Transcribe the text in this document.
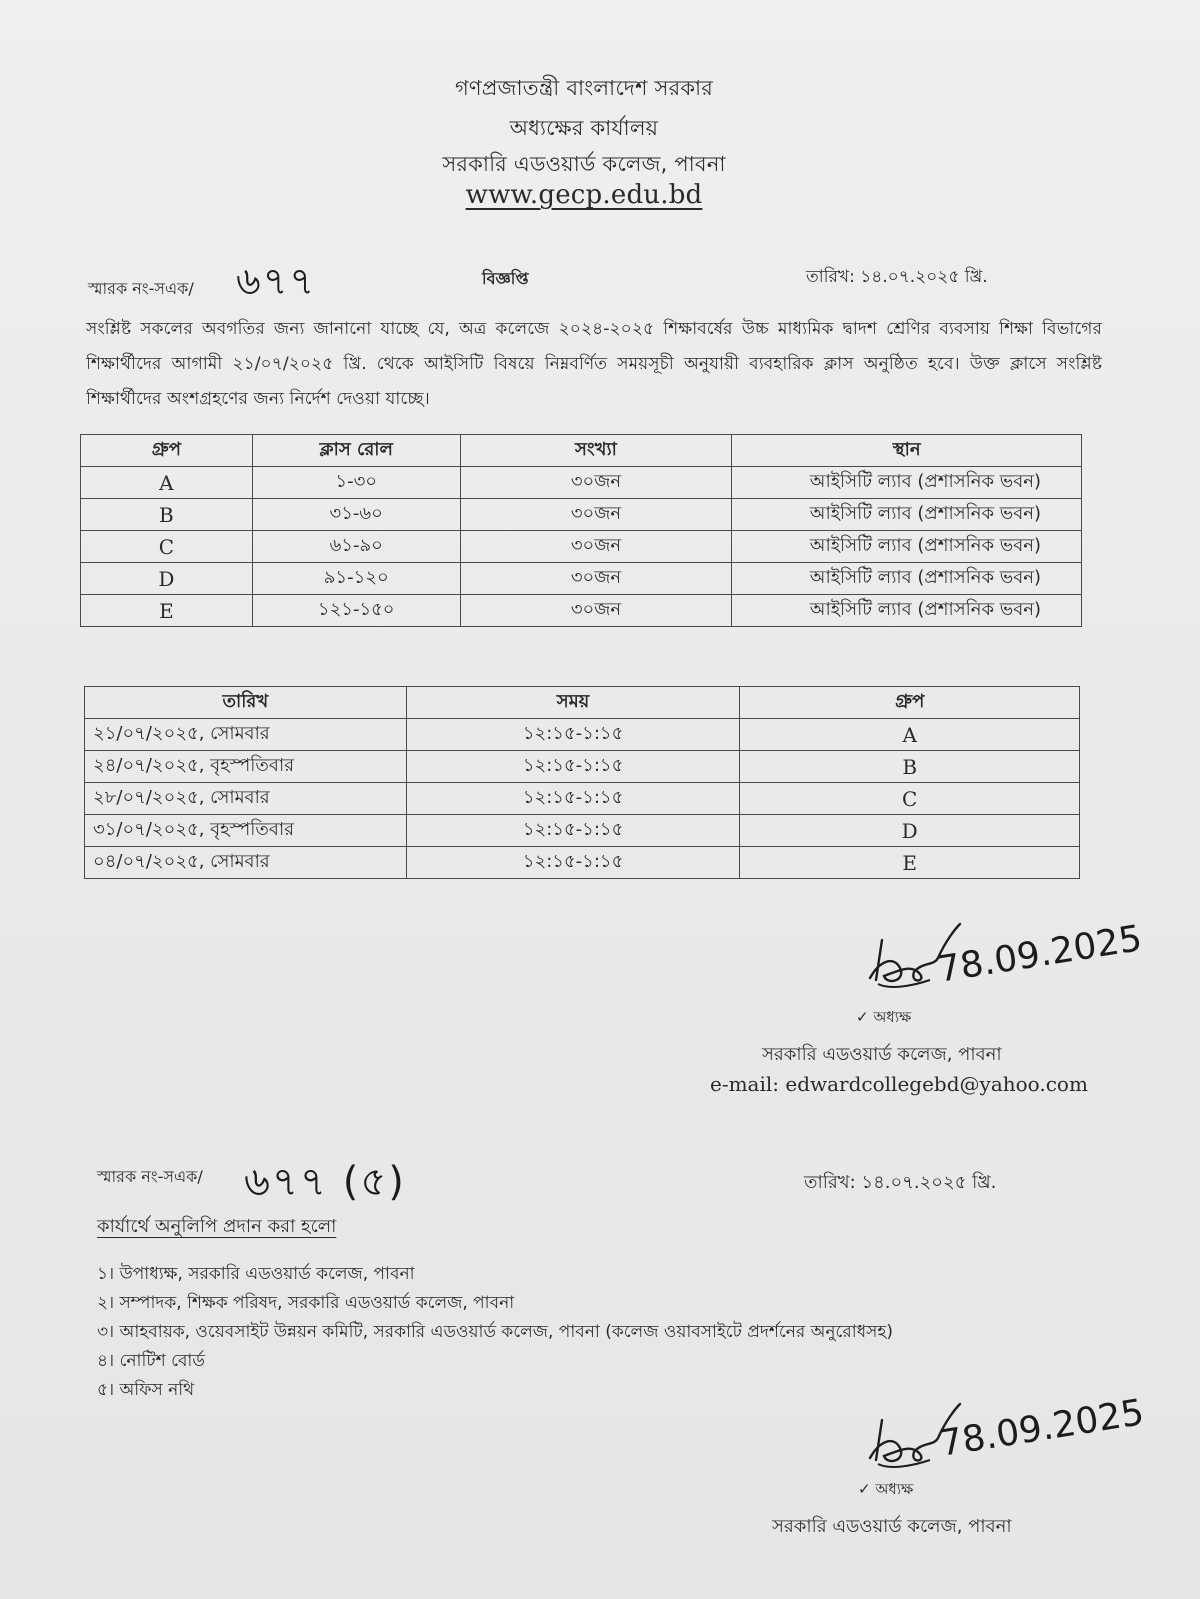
গণপ্রজাতন্ত্রী বাংলাদেশ সরকার
অধ্যক্ষের কার্যালয়
সরকারি এডওয়ার্ড কলেজ, পাবনা
www.gecp.edu.bd
স্মারক নং-সএক/ ৬৭৭	বিজ্ঞপ্তি	তারিখ: ১৪.০৭.২০২৫ খ্রি.
সংশ্লিষ্ট সকলের অবগতির জন্য জানানো যাচ্ছে যে, অত্র কলেজে ২০২৪-২০২৫ শিক্ষাবর্ষের উচ্চ মাধ্যমিক দ্বাদশ শ্রেণির ব্যবসায় শিক্ষা বিভাগের শিক্ষার্থীদের আগামী ২১/০৭/২০২৫ খ্রি. থেকে আইসিটি বিষয়ে নিম্নবর্ণিত সময়সূচী অনুযায়ী ব্যবহারিক ক্লাস অনুষ্ঠিত হবে। উক্ত ক্লাসে সংশ্লিষ্ট শিক্ষার্থীদের অংশগ্রহণের জন্য নির্দেশ দেওয়া যাচ্ছে।
গ্রুপ	ক্লাস রোল	সংখ্যা	স্থান
A	১-৩০	৩০জন	আইসিটি ল্যাব (প্রশাসনিক ভবন)
B	৩১-৬০	৩০জন	আইসিটি ল্যাব (প্রশাসনিক ভবন)
C	৬১-৯০	৩০জন	আইসিটি ল্যাব (প্রশাসনিক ভবন)
D	৯১-১২০	৩০জন	আইসিটি ল্যাব (প্রশাসনিক ভবন)
E	১২১-১৫০	৩০জন	আইসিটি ল্যাব (প্রশাসনিক ভবন)
তারিখ	সময়	গ্রুপ
২১/০৭/২০২৫, সোমবার	১২:১৫-১:১৫	A
২৪/০৭/২০২৫, বৃহস্পতিবার	১২:১৫-১:১৫	B
২৮/০৭/২০২৫, সোমবার	১২:১৫-১:১৫	C
৩১/০৭/২০২৫, বৃহস্পতিবার	১২:১৫-১:১৫	D
০৪/০৭/২০২৫, সোমবার	১২:১৫-১:১৫	E
78.09.2025
✓ অধ্যক্ষ
সরকারি এডওয়ার্ড কলেজ, পাবনা
e-mail: edwardcollegebd@yahoo.com
স্মারক নং-সএক/ ৬৭৭ (৫)	তারিখ: ১৪.০৭.২০২৫ খ্রি.
কার্যার্থে অনুলিপি প্রদান করা হলো
১। উপাধ্যক্ষ, সরকারি এডওয়ার্ড কলেজ, পাবনা
২। সম্পাদক, শিক্ষক পরিষদ, সরকারি এডওয়ার্ড কলেজ, পাবনা
৩। আহবায়ক, ওয়েবসাইট উন্নয়ন কমিটি, সরকারি এডওয়ার্ড কলেজ, পাবনা (কলেজ ওয়াবসাইটে প্রদর্শনের অনুরোধসহ)
৪। নোটিশ বোর্ড
৫। অফিস নথি
78.09.2025
✓ অধ্যক্ষ
সরকারি এডওয়ার্ড কলেজ, পাবনা
